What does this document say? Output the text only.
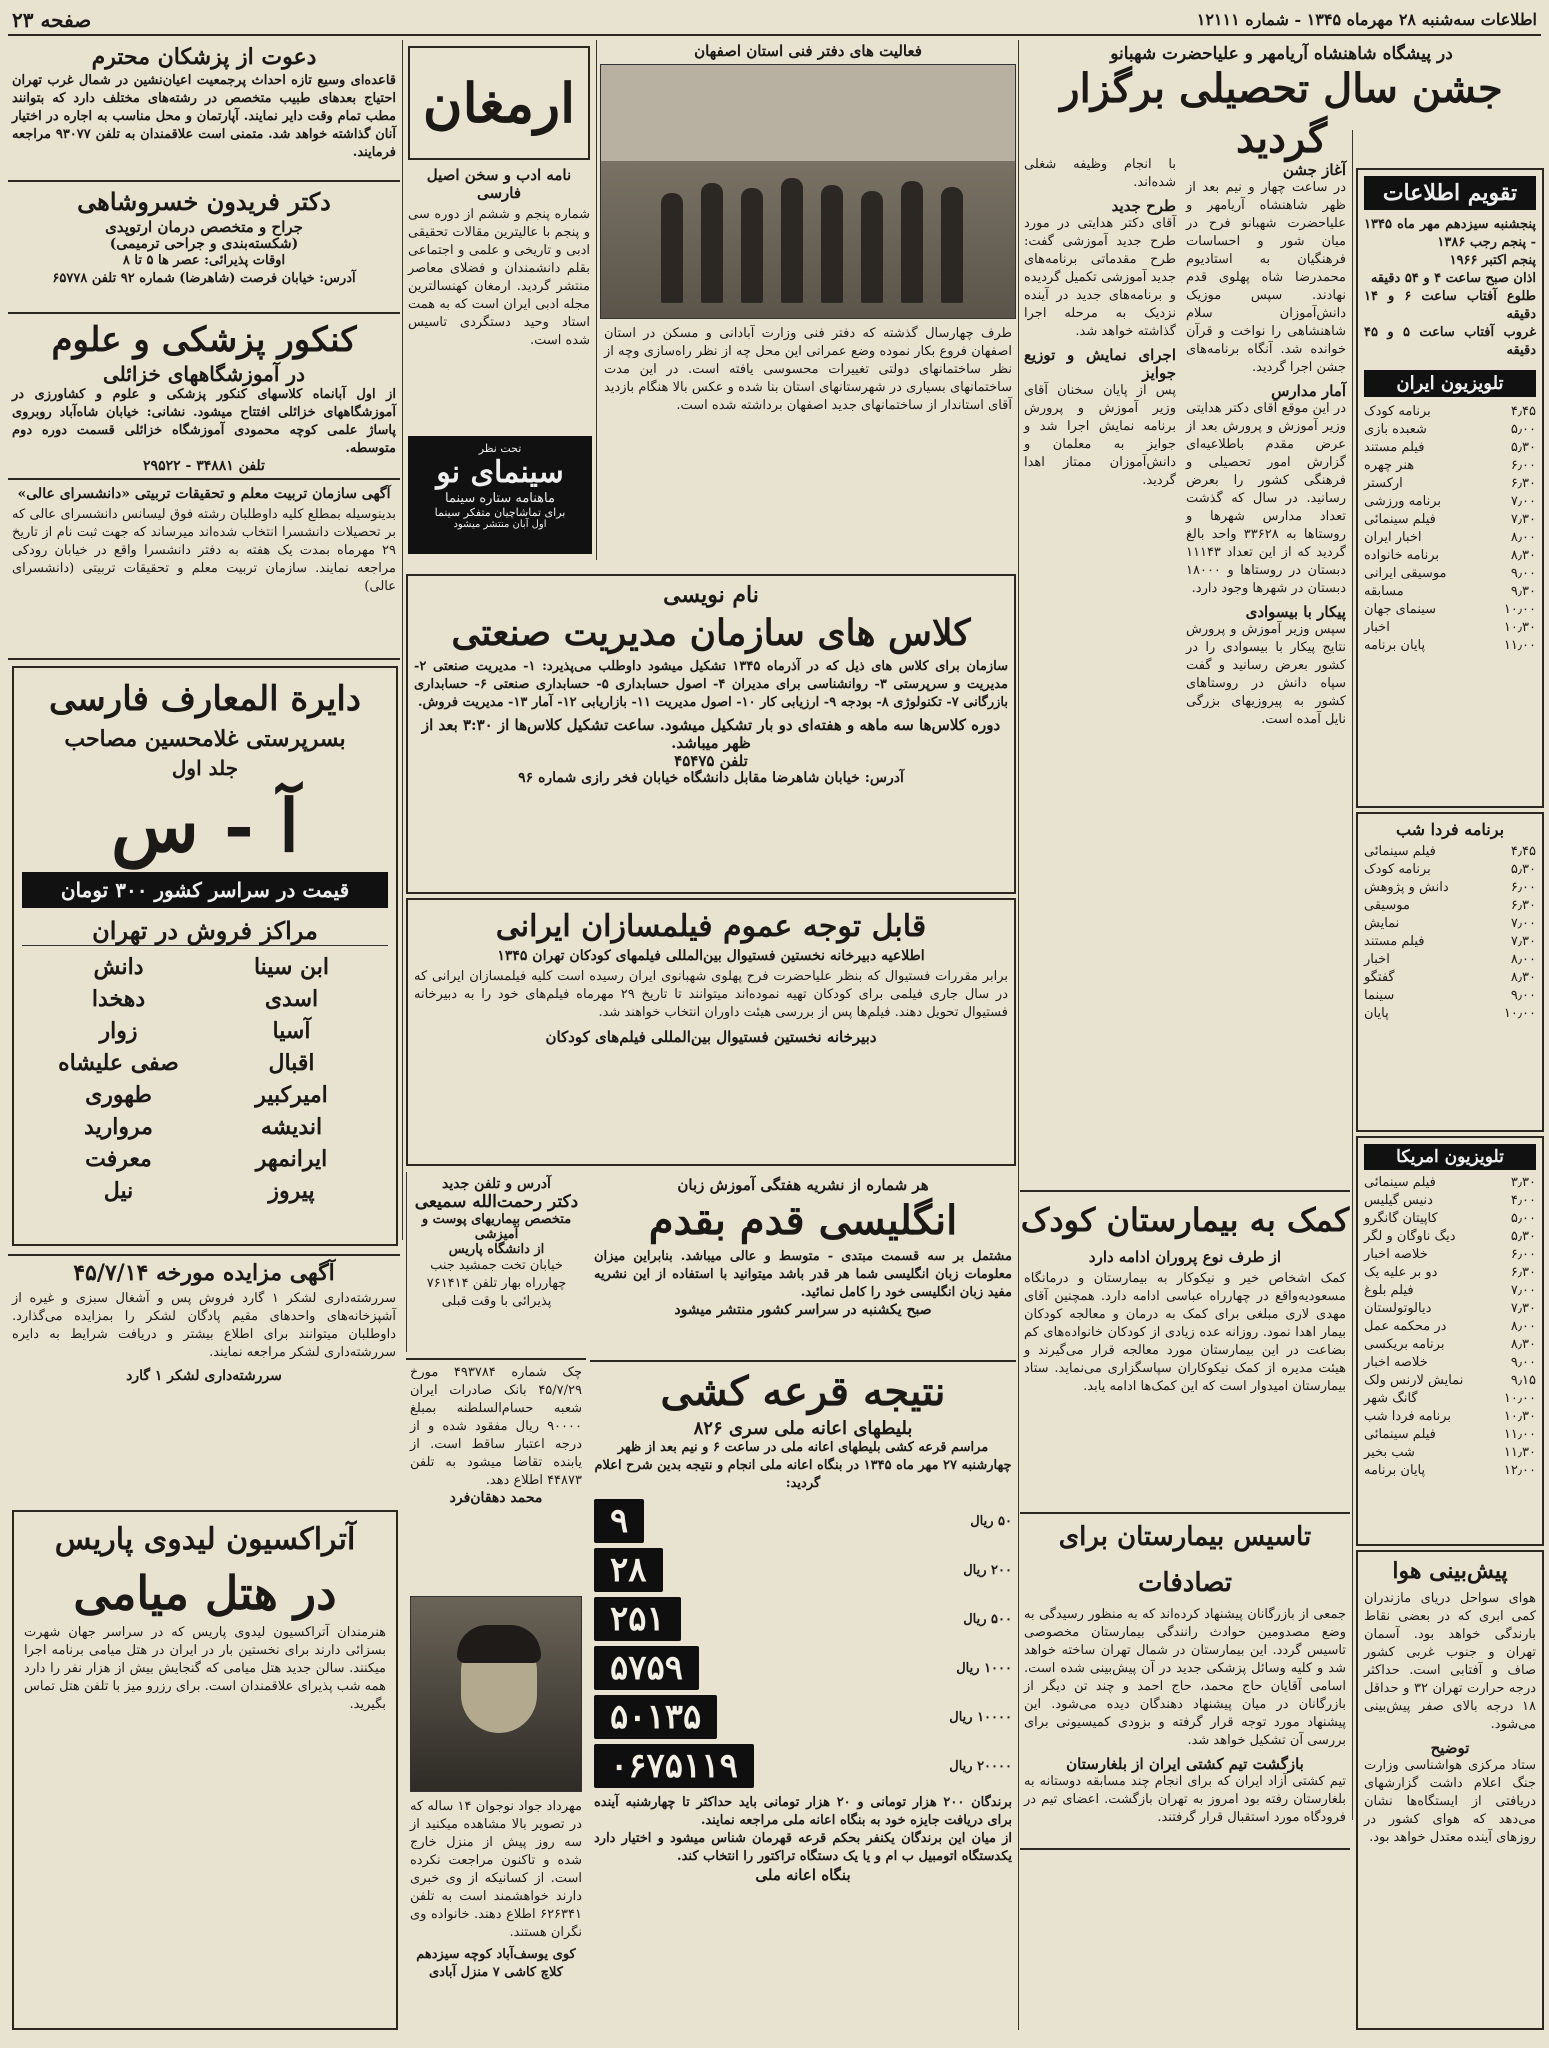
اطلاعات سه‌شنبه ۲۸ مهرماه ۱۳۴۵ - شماره ۱۲۱۱۱
صفحه ۲۳
در پیشگاه شاهنشاه آریامهر و علیاحضرت شهبانو
جشن سال تحصیلی برگزار گردید
آغاز جشن
در ساعت چهار و نیم بعد از ظهر شاهنشاه آریامهر و علیاحضرت شهبانو فرح در میان شور و احساسات فرهنگیان به استادیوم محمدرضا شاه پهلوی قدم نهادند. سپس موزیک دانش‌آموزان سلام شاهنشاهی را نواخت و قرآن خوانده شد. آنگاه برنامه‌های جشن اجرا گردید.
آمار مدارس
در این موقع آقای دکتر هدایتی وزیر آموزش و پرورش بعد از عرض مقدم باطلاعیه‌ای گزارش امور تحصیلی و فرهنگی کشور را بعرض رسانید. در سال که گذشت تعداد مدارس شهرها و روستاها به ۳۳۶۲۸ واحد بالغ گردید که از این تعداد ۱۱۱۴۳ دبستان در روستاها و ۱۸۰۰۰ دبستان در شهرها وجود دارد.
پیکار با بیسوادی
سپس وزیر آموزش و پرورش نتایج پیکار با بیسوادی را در کشور بعرض رسانید و گفت سپاه دانش در روستاهای کشور به پیروزیهای بزرگی نایل آمده است.
با انجام وظیفه شغلی شده‌اند.
طرح جدید
آقای دکتر هدایتی در مورد طرح جدید آموزشی گفت: طرح مقدماتی برنامه‌های جدید آموزشی تکمیل گردیده و برنامه‌های جدید در آینده نزدیک به مرحله اجرا گذاشته خواهد شد.
اجرای نمایش و توزیع جوایز
پس از پایان سخنان آقای وزیر آموزش و پرورش برنامه نمایش اجرا شد و جوایز به معلمان و دانش‌آموزان ممتاز اهدا گردید.
تقویم اطلاعات
پنجشنبه سیزدهم مهر ماه ۱۳۴۵ - پنجم رجب ۱۳۸۶
پنجم اکتبر ۱۹۶۶
اذان صبح ساعت ۴ و ۵۴ دقیقه
طلوع آفتاب ساعت ۶ و ۱۴ دقیقه
غروب آفتاب ساعت ۵ و ۴۵ دقیقه
تلویزیون ایران
۴٫۴۵
برنامه کودک
۵٫۰۰
شعبده بازی
۵٫۳۰
فیلم مستند
۶٫۰۰
هنر چهره
۶٫۳۰
ارکستر
۷٫۰۰
برنامه ورزشی
۷٫۳۰
فیلم سینمائی
۸٫۰۰
اخبار ایران
۸٫۳۰
برنامه خانواده
۹٫۰۰
موسیقی ایرانی
۹٫۳۰
مسابقه
۱۰٫۰۰
سینمای جهان
۱۰٫۳۰
اخبار
۱۱٫۰۰
پایان برنامه
برنامه فردا شب
۴٫۴۵
فیلم سینمائی
۵٫۳۰
برنامه کودک
۶٫۰۰
دانش و پژوهش
۶٫۳۰
موسیقی
۷٫۰۰
نمایش
۷٫۳۰
فیلم مستند
۸٫۰۰
اخبار
۸٫۳۰
گفتگو
۹٫۰۰
سینما
۱۰٫۰۰
پایان
تلویزیون امریکا
۳٫۳۰
فیلم سینمائی
۴٫۰۰
دنیس گیلیس
۵٫۰۰
کاپیتان گانگرو
۵٫۳۰
دیگ ناوگان و لگر
۶٫۰۰
خلاصه اخبار
۶٫۳۰
دو بر علیه یک
۷٫۰۰
فیلم بلوغ
۷٫۳۰
دیالوتولستان
۸٫۰۰
در محکمه عمل
۸٫۳۰
برنامه بریکسی
۹٫۰۰
خلاصه اخبار
۹٫۱۵
نمایش لارنس ولک
۱۰٫۰۰
گانگ شهر
۱۰٫۳۰
برنامه فردا شب
۱۱٫۰۰
فیلم سینمائی
۱۱٫۳۰
شب بخیر
۱۲٫۰۰
پایان برنامه
پیش‌بینی هوا
هوای سواحل دریای مازندران کمی ابری که در بعضی نقاط بارندگی خواهد بود. آسمان تهران و جنوب غربی کشور صاف و آفتابی است. حداکثر درجه حرارت تهران ۳۲ و حداقل ۱۸ درجه بالای صفر پیش‌بینی می‌شود.
توضیح
ستاد مرکزی هواشناسی وزارت جنگ اعلام داشت گزارشهای دریافتی از ایستگاه‌ها نشان می‌دهد که هوای کشور در روزهای آینده معتدل خواهد بود.
کمک به بیمارستان کودک
از طرف نوع پروران ادامه دارد
کمک اشخاص خیر و نیکوکار به بیمارستان و درمانگاه مسعودیه‌واقع در چهارراه عباسی ادامه دارد. همچنین آقای مهدی لاری مبلغی برای کمک به درمان و معالجه کودکان بیمار اهدا نمود. روزانه عده زیادی از کودکان خانواده‌های کم بضاعت در این بیمارستان مورد معالجه قرار می‌گیرند و هیئت مدیره از کمک نیکوکاران سپاسگزاری می‌نماید. ستاد بیمارستان امیدوار است که این کمک‌ها ادامه یابد.
تاسیس بیمارستان برای تصادفات
جمعی از بازرگانان پیشنهاد کرده‌اند که به منظور رسیدگی به وضع مصدومین حوادث رانندگی بیمارستان مخصوصی تاسیس گردد. این بیمارستان در شمال تهران ساخته خواهد شد و کلیه وسائل پزشکی جدید در آن پیش‌بینی شده است. اسامی آقایان حاج محمد، حاج احمد و چند تن دیگر از بازرگانان در میان پیشنهاد دهندگان دیده می‌شود. این پیشنهاد مورد توجه قرار گرفته و بزودی کمیسیونی برای بررسی آن تشکیل خواهد شد.
بازگشت تیم کشتی ایران از بلغارستان
تیم کشتی آزاد ایران که برای انجام چند مسابقه دوستانه به بلغارستان رفته بود امروز به تهران بازگشت. اعضای تیم در فرودگاه مورد استقبال قرار گرفتند.
فعالیت های دفتر فنی استان اصفهان
طرف چهارسال گذشته که دفتر فنی وزارت آبادانی و مسکن در استان اصفهان فروع بکار نموده وضع عمرانی این محل چه از نظر راه‌سازی وچه از نظر ساختمانهای دولتی تغییرات محسوسی یافته است. در این مدت ساختمانهای بسیاری در شهرستانهای استان بنا شده و عکس بالا هنگام بازدید آقای استاندار از ساختمانهای جدید اصفهان برداشته شده است.
ارمغان
نامه ادب و سخن اصیل فارسی
شماره پنجم و ششم از دوره سی و پنجم با عالیترین مقالات تحقیقی ادبی و تاریخی و علمی و اجتماعی بقلم دانشمندان و فضلای معاصر منتشر گردید. ارمغان کهنسالترین مجله ادبی ایران است که به همت استاد وحید دستگردی تاسیس شده است.
تحت نظر
سینمای نو
ماهنامه ستاره سینما
برای تماشاچیان متفکر سینما
اول آبان منتشر میشود
دعوت از پزشکان محترم
قاعده‌ای وسیع تازه احداث پرجمعیت اعیان‌نشین در شمال غرب تهران احتیاج بعدهای طبیب متخصص در رشته‌های مختلف دارد که بتوانند مطب تمام وقت دایر نمایند. آپارتمان و محل مناسب به اجاره در اختیار آنان گذاشته خواهد شد. متمنی است علاقمندان به تلفن ۹۳۰۷۷ مراجعه فرمایند.
دکتر فریدون خسروشاهی
جراح و متخصص درمان ارتوپدی
(شکسته‌بندی و جراحی ترمیمی)
اوقات پذیرائی: عصر ها ۵ تا ۸
آدرس: خیابان فرصت (شاهرضا) شماره ۹۲ تلفن ۶۵۷۷۸
کنکور پزشکی و علوم
در آموزشگاههای خزائلی
از اول آبانماه کلاسهای کنکور پزشکی و علوم و کشاورزی در آموزشگاههای خزائلی افتتاح میشود. نشانی: خیابان شاه‌آباد روبروی پاساژ علمی کوچه محمودی آموزشگاه خزائلی قسمت دوره دوم متوسطه.
تلفن ۳۴۸۸۱ - ۲۹۵۲۲
آگهی سازمان تربیت معلم و تحقیقات تربیتی «دانشسرای عالی»
بدینوسیله بمطلع کلیه داوطلبان رشته فوق لیسانس دانشسرای عالی که بر تحصیلات دانشسرا انتخاب شده‌اند میرساند که جهت ثبت نام از تاریخ ۲۹ مهرماه بمدت یک هفته به دفتر دانشسرا واقع در خیابان رودکی مراجعه نمایند. سازمان تربیت معلم و تحقیقات تربیتی (دانشسرای عالی)
دایرة المعارف فارسی
بسرپرستی غلامحسین مصاحب
جلد اول
آ - س
قیمت در سراسر کشور ۳۰۰ تومان
مراکز فروش در تهران
ابن سینا
دانش
اسدی
دهخدا
آسیا
زوار
اقبال
صفی علیشاه
امیرکبیر
طهوری
اندیشه
مروارید
ایرانمهر
معرفت
پیروز
نیل
آگهی مزایده مورخه ۴۵/۷/۱۴
سررشته‌داری لشکر ۱ گارد فروش پس و آشغال سبزی و غیره از آشپزخانه‌های واحدهای مقیم پادگان لشکر را بمزایده می‌گذارد. داوطلبان میتوانند برای اطلاع بیشتر و دریافت شرایط به دایره سررشته‌داری لشکر مراجعه نمایند.
سررشته‌داری لشکر ۱ گارد
آتراکسیون لیدوی پاریس
در هتل میامی
هنرمندان آتراکسیون لیدوی پاریس که در سراسر جهان شهرت بسزائی دارند برای نخستین بار در ایران در هتل میامی برنامه اجرا میکنند. سالن جدید هتل میامی که گنجایش بیش از هزار نفر را دارد همه شب پذیرای علاقمندان است. برای رزرو میز با تلفن هتل تماس بگیرید.
نام نویسی
کلاس های سازمان مدیریت صنعتی
سازمان برای کلاس های ذیل که در آذرماه ۱۳۴۵ تشکیل میشود داوطلب می‌پذیرد: ۱- مدیریت صنعتی ۲- مدیریت و سرپرستی ۳- روانشناسی برای مدیران ۴- اصول حسابداری ۵- حسابداری صنعتی ۶- حسابداری بازرگانی ۷- تکنولوژی ۸- بودجه ۹- ارزیابی کار ۱۰- اصول مدیریت ۱۱- بازاریابی ۱۲- آمار ۱۳- مدیریت فروش.
دوره کلاس‌ها سه ماهه و هفته‌ای دو بار تشکیل میشود. ساعت تشکیل کلاس‌ها از ۳:۳۰ بعد از ظهر میباشد.
تلفن ۴۵۴۷۵
آدرس: خیابان شاهرضا مقابل دانشگاه خیابان فخر رازی شماره ۹۶
قابل توجه عموم فیلمسازان ایرانی
اطلاعیه دبیرخانه نخستین فستیوال بین‌المللی فیلمهای کودکان تهران ۱۳۴۵
برابر مقررات فستیوال که بنظر علیاحضرت فرح پهلوی شهبانوی ایران رسیده است کلیه فیلمسازان ایرانی که در سال جاری فیلمی برای کودکان تهیه نموده‌اند میتوانند تا تاریخ ۲۹ مهرماه فیلم‌های خود را به دبیرخانه فستیوال تحویل دهند. فیلم‌ها پس از بررسی هیئت داوران انتخاب خواهند شد.
دبیرخانه نخستین فستیوال بین‌المللی فیلم‌های کودکان
آدرس و تلفن جدید
دکتر رحمت‌الله سمیعی
متخصص بیماریهای پوست و آمیزشی
از دانشگاه پاریس
خیابان تخت جمشید جنب چهارراه بهار تلفن ۷۶۱۴۱۴ پذیرائی با وقت قبلی
هر شماره از نشریه هفتگی آموزش زبان
انگلیسی قدم بقدم
مشتمل بر سه قسمت مبتدی - متوسط و عالی میباشد. بنابراین میزان معلومات زبان انگلیسی شما هر قدر باشد میتوانید با استفاده از این نشریه مفید زبان انگلیسی خود را کامل نمائید.
صبح یکشنبه در سراسر کشور منتشر میشود
چک شماره ۴۹۳۷۸۴ مورخ ۴۵/۷/۲۹ بانک صادرات ایران شعبه حسام‌السلطنه بمبلغ ۹۰۰۰۰ ریال مفقود شده و از درجه اعتبار ساقط است. از یابنده تقاضا میشود به تلفن ۴۴۸۷۳ اطلاع دهد.
محمد دهقان‌فرد
مهرداد جواد نوجوان ۱۴ ساله که در تصویر بالا مشاهده میکنید از سه روز پیش از منزل خارج شده و تاکنون مراجعت نکرده است. از کسانیکه از وی خبری دارند خواهشمند است به تلفن ۶۲۶۳۴۱ اطلاع دهند. خانواده وی نگران هستند.
کوی یوسف‌آباد کوچه سیزدهم کلاچ کاشی ۷ منزل آبادی
نتیجه قرعه کشی
بلیطهای اعانه ملی سری ۸۲۶
مراسم قرعه کشی بلیطهای اعانه ملی در ساعت ۶ و نیم بعد از ظهر چهارشنبه ۲۷ مهر ماه ۱۳۴۵ در بنگاه اعانه ملی انجام و نتیجه بدین شرح اعلام گردید:
۵۰ ریال
۹
۲۰۰ ریال
۲۸
۵۰۰ ریال
۲۵۱
۱۰۰۰ ریال
۵۷۵۹
۱۰۰۰۰ ریال
۵۰۱۳۵
۲۰۰۰۰ ریال
۰۶۷۵۱۱۹
برندگان ۲۰۰ هزار تومانی و ۲۰ هزار تومانی باید حداکثر تا چهارشنبه آینده برای دریافت جایزه خود به بنگاه اعانه ملی مراجعه نمایند.
از میان این برندگان یکنفر بحکم قرعه قهرمان شناس میشود و اختیار دارد یکدستگاه اتومبیل ب ام و یا یک دستگاه تراکتور را انتخاب کند.
بنگاه اعانه ملی
